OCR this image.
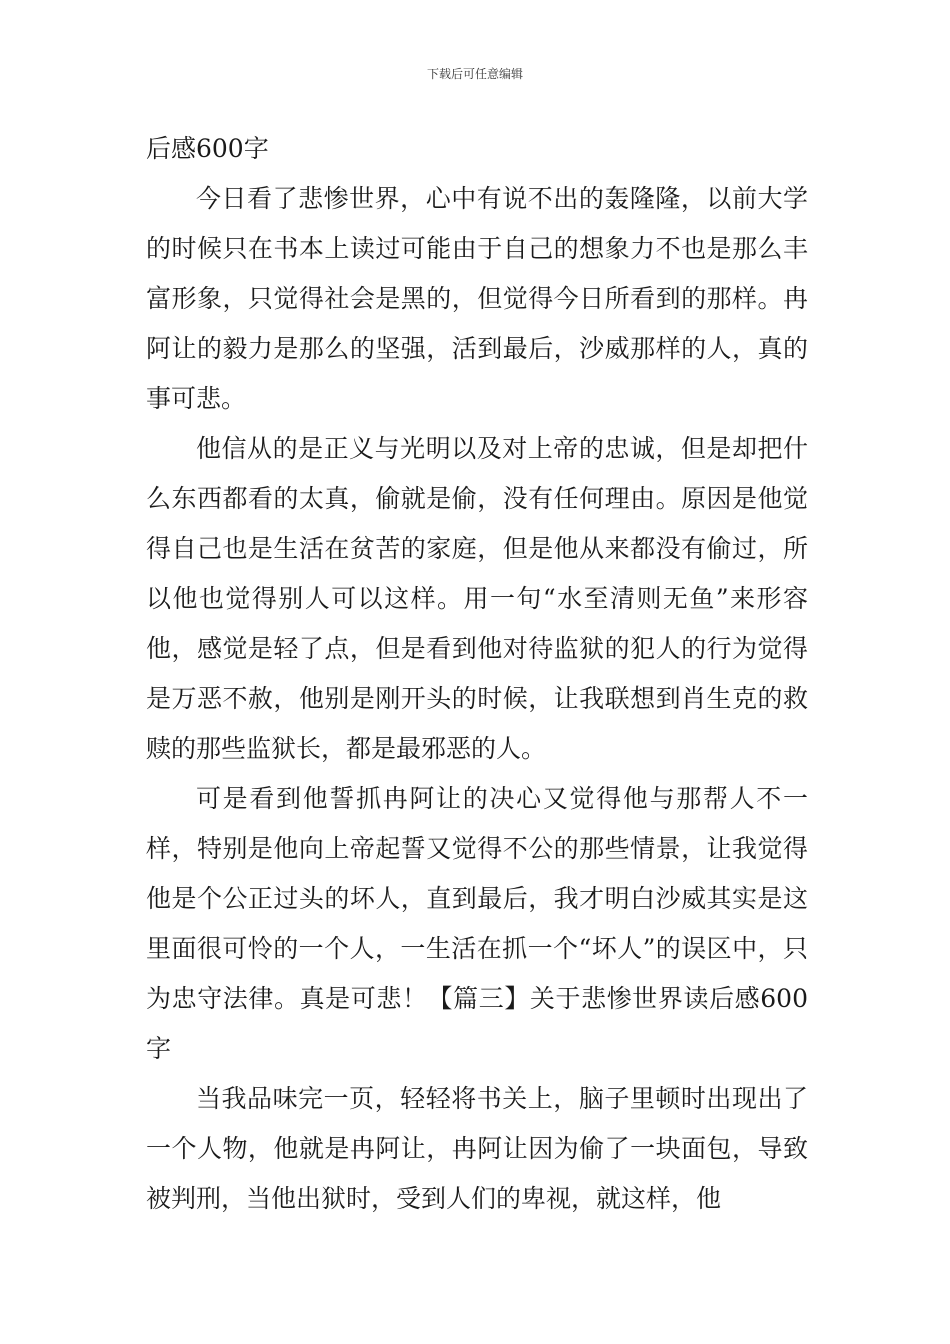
下载后可任意编辑

后感600字

今日看了悲惨世界，心中有说不出的轰隆隆，以前大学的时候只在书本上读过可能由于自己的想象力不也是那么丰富形象，只觉得社会是黑的，但觉得今日所看到的那样。冉阿让的毅力是那么的坚强，活到最后，沙威那样的人，真的事可悲。

他信从的是正义与光明以及对上帝的忠诚，但是却把什么东西都看的太真，偷就是偷，没有任何理由。原因是他觉得自己也是生活在贫苦的家庭，但是他从来都没有偷过，所以他也觉得别人可以这样。用一句“水至清则无鱼”来形容他，感觉是轻了点，但是看到他对待监狱的犯人的行为觉得是万恶不赦，他别是刚开头的时候，让我联想到肖生克的救赎的那些监狱长，都是最邪恶的人。

可是看到他誓抓冉阿让的决心又觉得他与那帮人不一样，特别是他向上帝起誓又觉得不公的那些情景，让我觉得他是个公正过头的坏人，直到最后，我才明白沙威其实是这里面很可怜的一个人，一生活在抓一个“坏人”的误区中，只为忠守法律。真是可悲！【篇三】关于悲惨世界读后感600字

当我品味完一页，轻轻将书关上，脑子里顿时出现出了一个人物，他就是冉阿让，冉阿让因为偷了一块面包，导致被判刑，当他出狱时，受到人们的卑视，就这样，他
